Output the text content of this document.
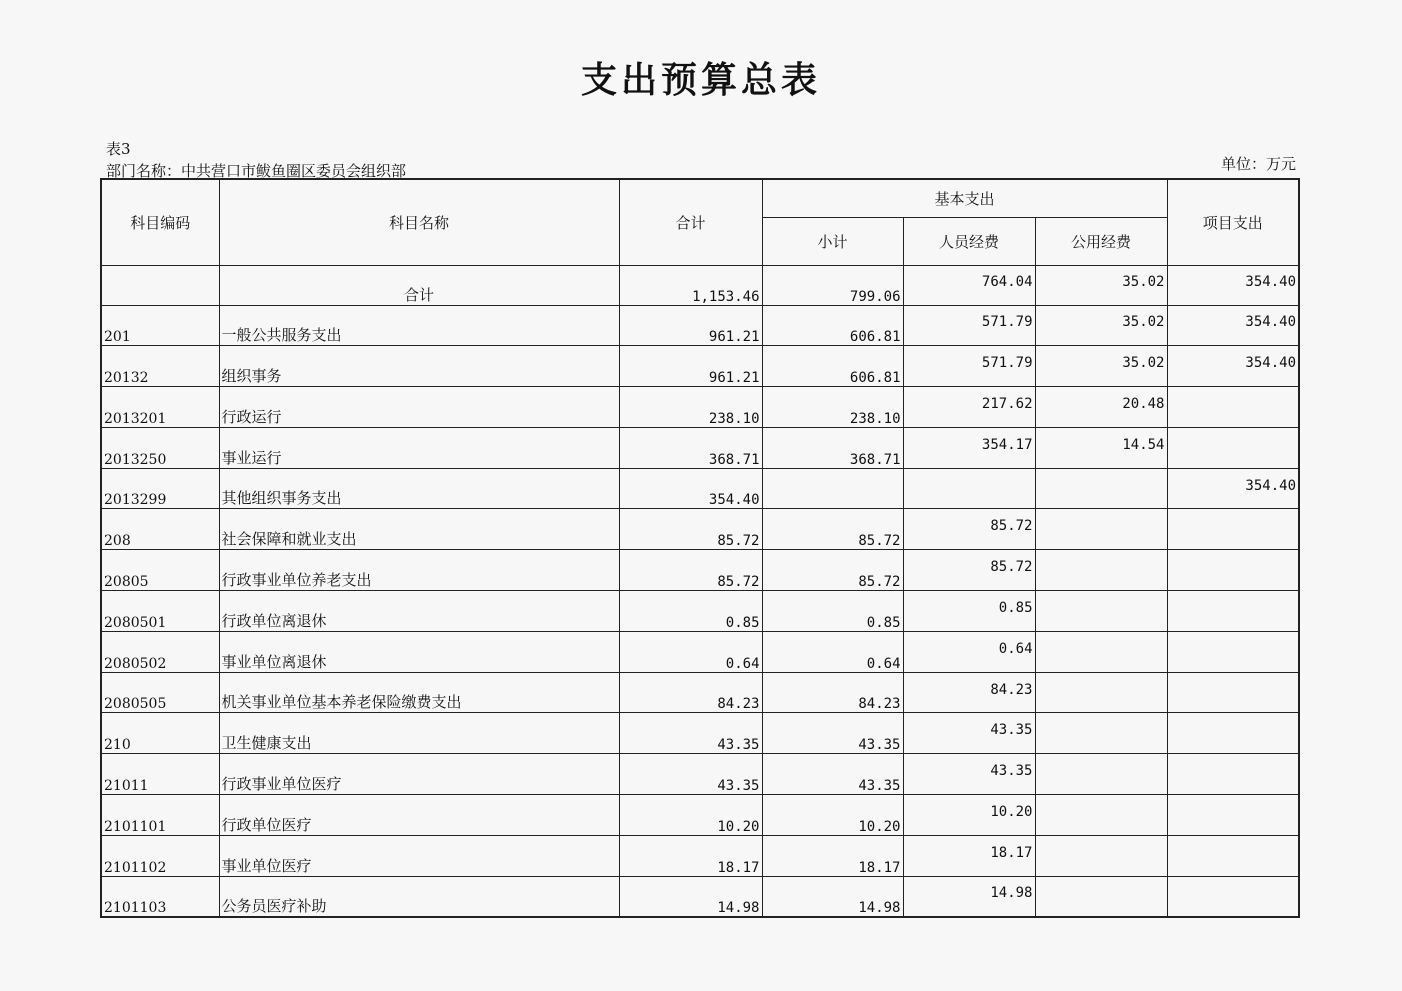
支出预算总表
表3
部门名称：中共营口市鲅鱼圈区委员会组织部	单位：万元
科目编码	科目名称	合计	基本支出			项目支出
			小计	人员经费	公用经费	
	合计	1,153.46	799.06	764.04	35.02	354.40
201	一般公共服务支出	961.21	606.81	571.79	35.02	354.40
20132	组织事务	961.21	606.81	571.79	35.02	354.40
2013201	行政运行	238.10	238.10	217.62	20.48	
2013250	事业运行	368.71	368.71	354.17	14.54	
2013299	其他组织事务支出	354.40				354.40
208	社会保障和就业支出	85.72	85.72	85.72		
20805	行政事业单位养老支出	85.72	85.72	85.72		
2080501	行政单位离退休	0.85	0.85	0.85		
2080502	事业单位离退休	0.64	0.64	0.64		
2080505	机关事业单位基本养老保险缴费支出	84.23	84.23	84.23		
210	卫生健康支出	43.35	43.35	43.35		
21011	行政事业单位医疗	43.35	43.35	43.35		
2101101	行政单位医疗	10.20	10.20	10.20		
2101102	事业单位医疗	18.17	18.17	18.17		
2101103	公务员医疗补助	14.98	14.98	14.98		
